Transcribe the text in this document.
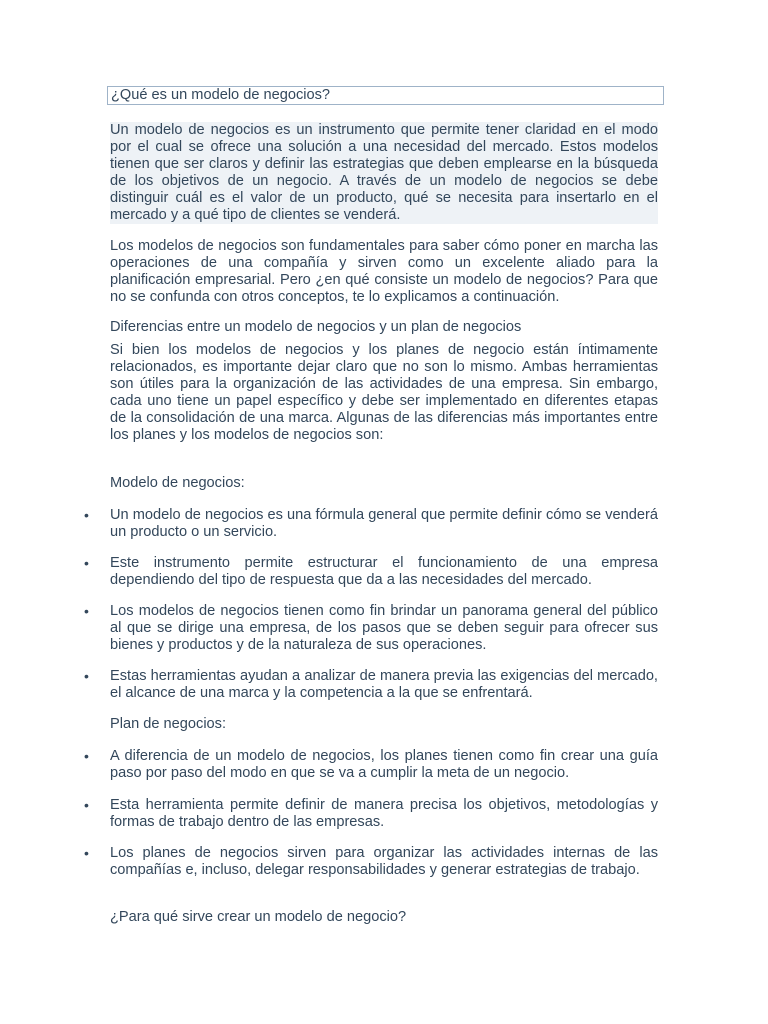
¿Qué es un modelo de negocios?

Un modelo de negocios es un instrumento que permite tener claridad en el modo por el cual se ofrece una solución a una necesidad del mercado. Estos modelos tienen que ser claros y definir las estrategias que deben emplearse en la búsqueda de los objetivos de un negocio. A través de un modelo de negocios se debe distinguir cuál es el valor de un producto, qué se necesita para insertarlo en el mercado y a qué tipo de clientes se venderá.

Los modelos de negocios son fundamentales para saber cómo poner en marcha las operaciones de una compañía y sirven como un excelente aliado para la planificación empresarial. Pero ¿en qué consiste un modelo de negocios? Para que no se confunda con otros conceptos, te lo explicamos a continuación.

Diferencias entre un modelo de negocios y un plan de negocios

Si bien los modelos de negocios y los planes de negocio están íntimamente relacionados, es importante dejar claro que no son lo mismo. Ambas herramientas son útiles para la organización de las actividades de una empresa. Sin embargo, cada uno tiene un papel específico y debe ser implementado en diferentes etapas de la consolidación de una marca. Algunas de las diferencias más importantes entre los planes y los modelos de negocios son:

Modelo de negocios:

• Un modelo de negocios es una fórmula general que permite definir cómo se venderá un producto o un servicio.

• Este instrumento permite estructurar el funcionamiento de una empresa dependiendo del tipo de respuesta que da a las necesidades del mercado.

• Los modelos de negocios tienen como fin brindar un panorama general del público al que se dirige una empresa, de los pasos que se deben seguir para ofrecer sus bienes y productos y de la naturaleza de sus operaciones.

• Estas herramientas ayudan a analizar de manera previa las exigencias del mercado, el alcance de una marca y la competencia a la que se enfrentará.

Plan de negocios:

• A diferencia de un modelo de negocios, los planes tienen como fin crear una guía paso por paso del modo en que se va a cumplir la meta de un negocio.

• Esta herramienta permite definir de manera precisa los objetivos, metodologías y formas de trabajo dentro de las empresas.

• Los planes de negocios sirven para organizar las actividades internas de las compañías e, incluso, delegar responsabilidades y generar estrategias de trabajo.

¿Para qué sirve crear un modelo de negocio?
